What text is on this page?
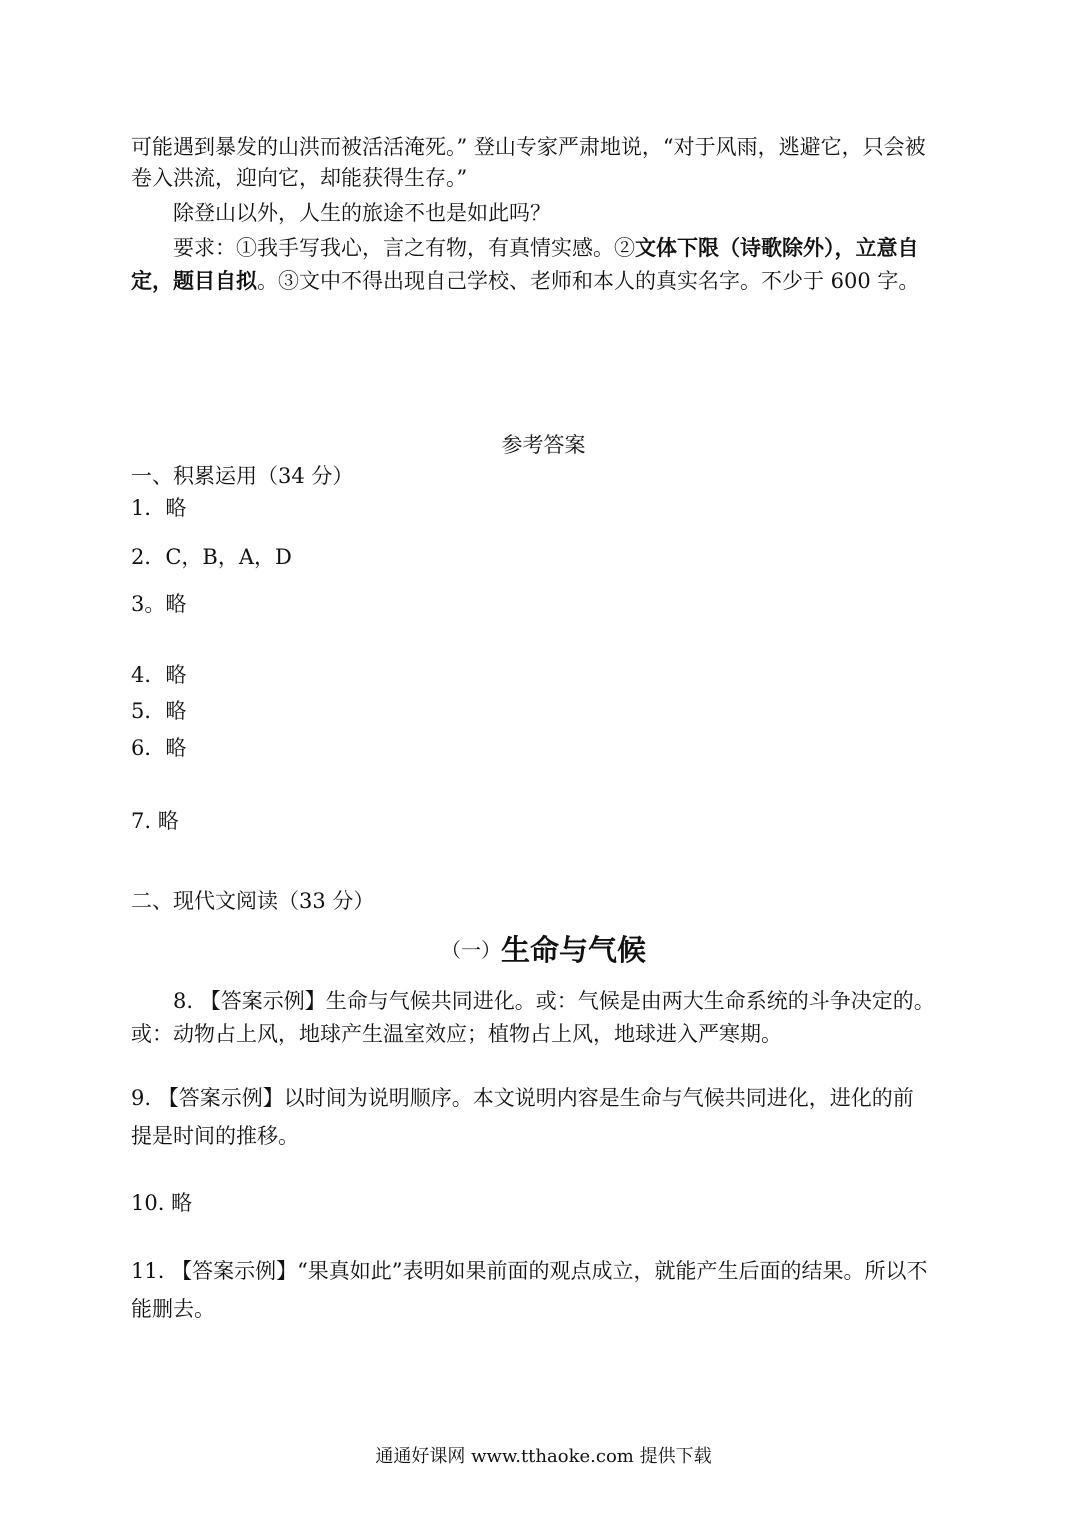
可能遇到暴发的山洪而被活活淹死。” 登山专家严肃地说，“对于风雨，逃避它，只会被
卷入洪流，迎向它，却能获得生存。”
除登山以外，人生的旅途不也是如此吗？
要求：①我手写我心，言之有物，有真情实感。②文体下限（诗歌除外），立意自
定，题目自拟。③文中不得出现自己学校、老师和本人的真实名字。不少于 600 字。
参考答案
一、积累运用（34 分）
1．略
2．C，B，A，D
3。略
4．略
5．略
6．略
7. 略
二、现代文阅读（33 分）
（一）生命与气候
8. 【答案示例】生命与气候共同进化。或：气候是由两大生命系统的斗争决定的。
或：动物占上风，地球产生温室效应；植物占上风，地球进入严寒期。
9. 【答案示例】以时间为说明顺序。本文说明内容是生命与气候共同进化，进化的前
提是时间的推移。
10. 略
11. 【答案示例】“果真如此”表明如果前面的观点成立，就能产生后面的结果。所以不
能删去。
通通好课网 www.tthaoke.com 提供下载
